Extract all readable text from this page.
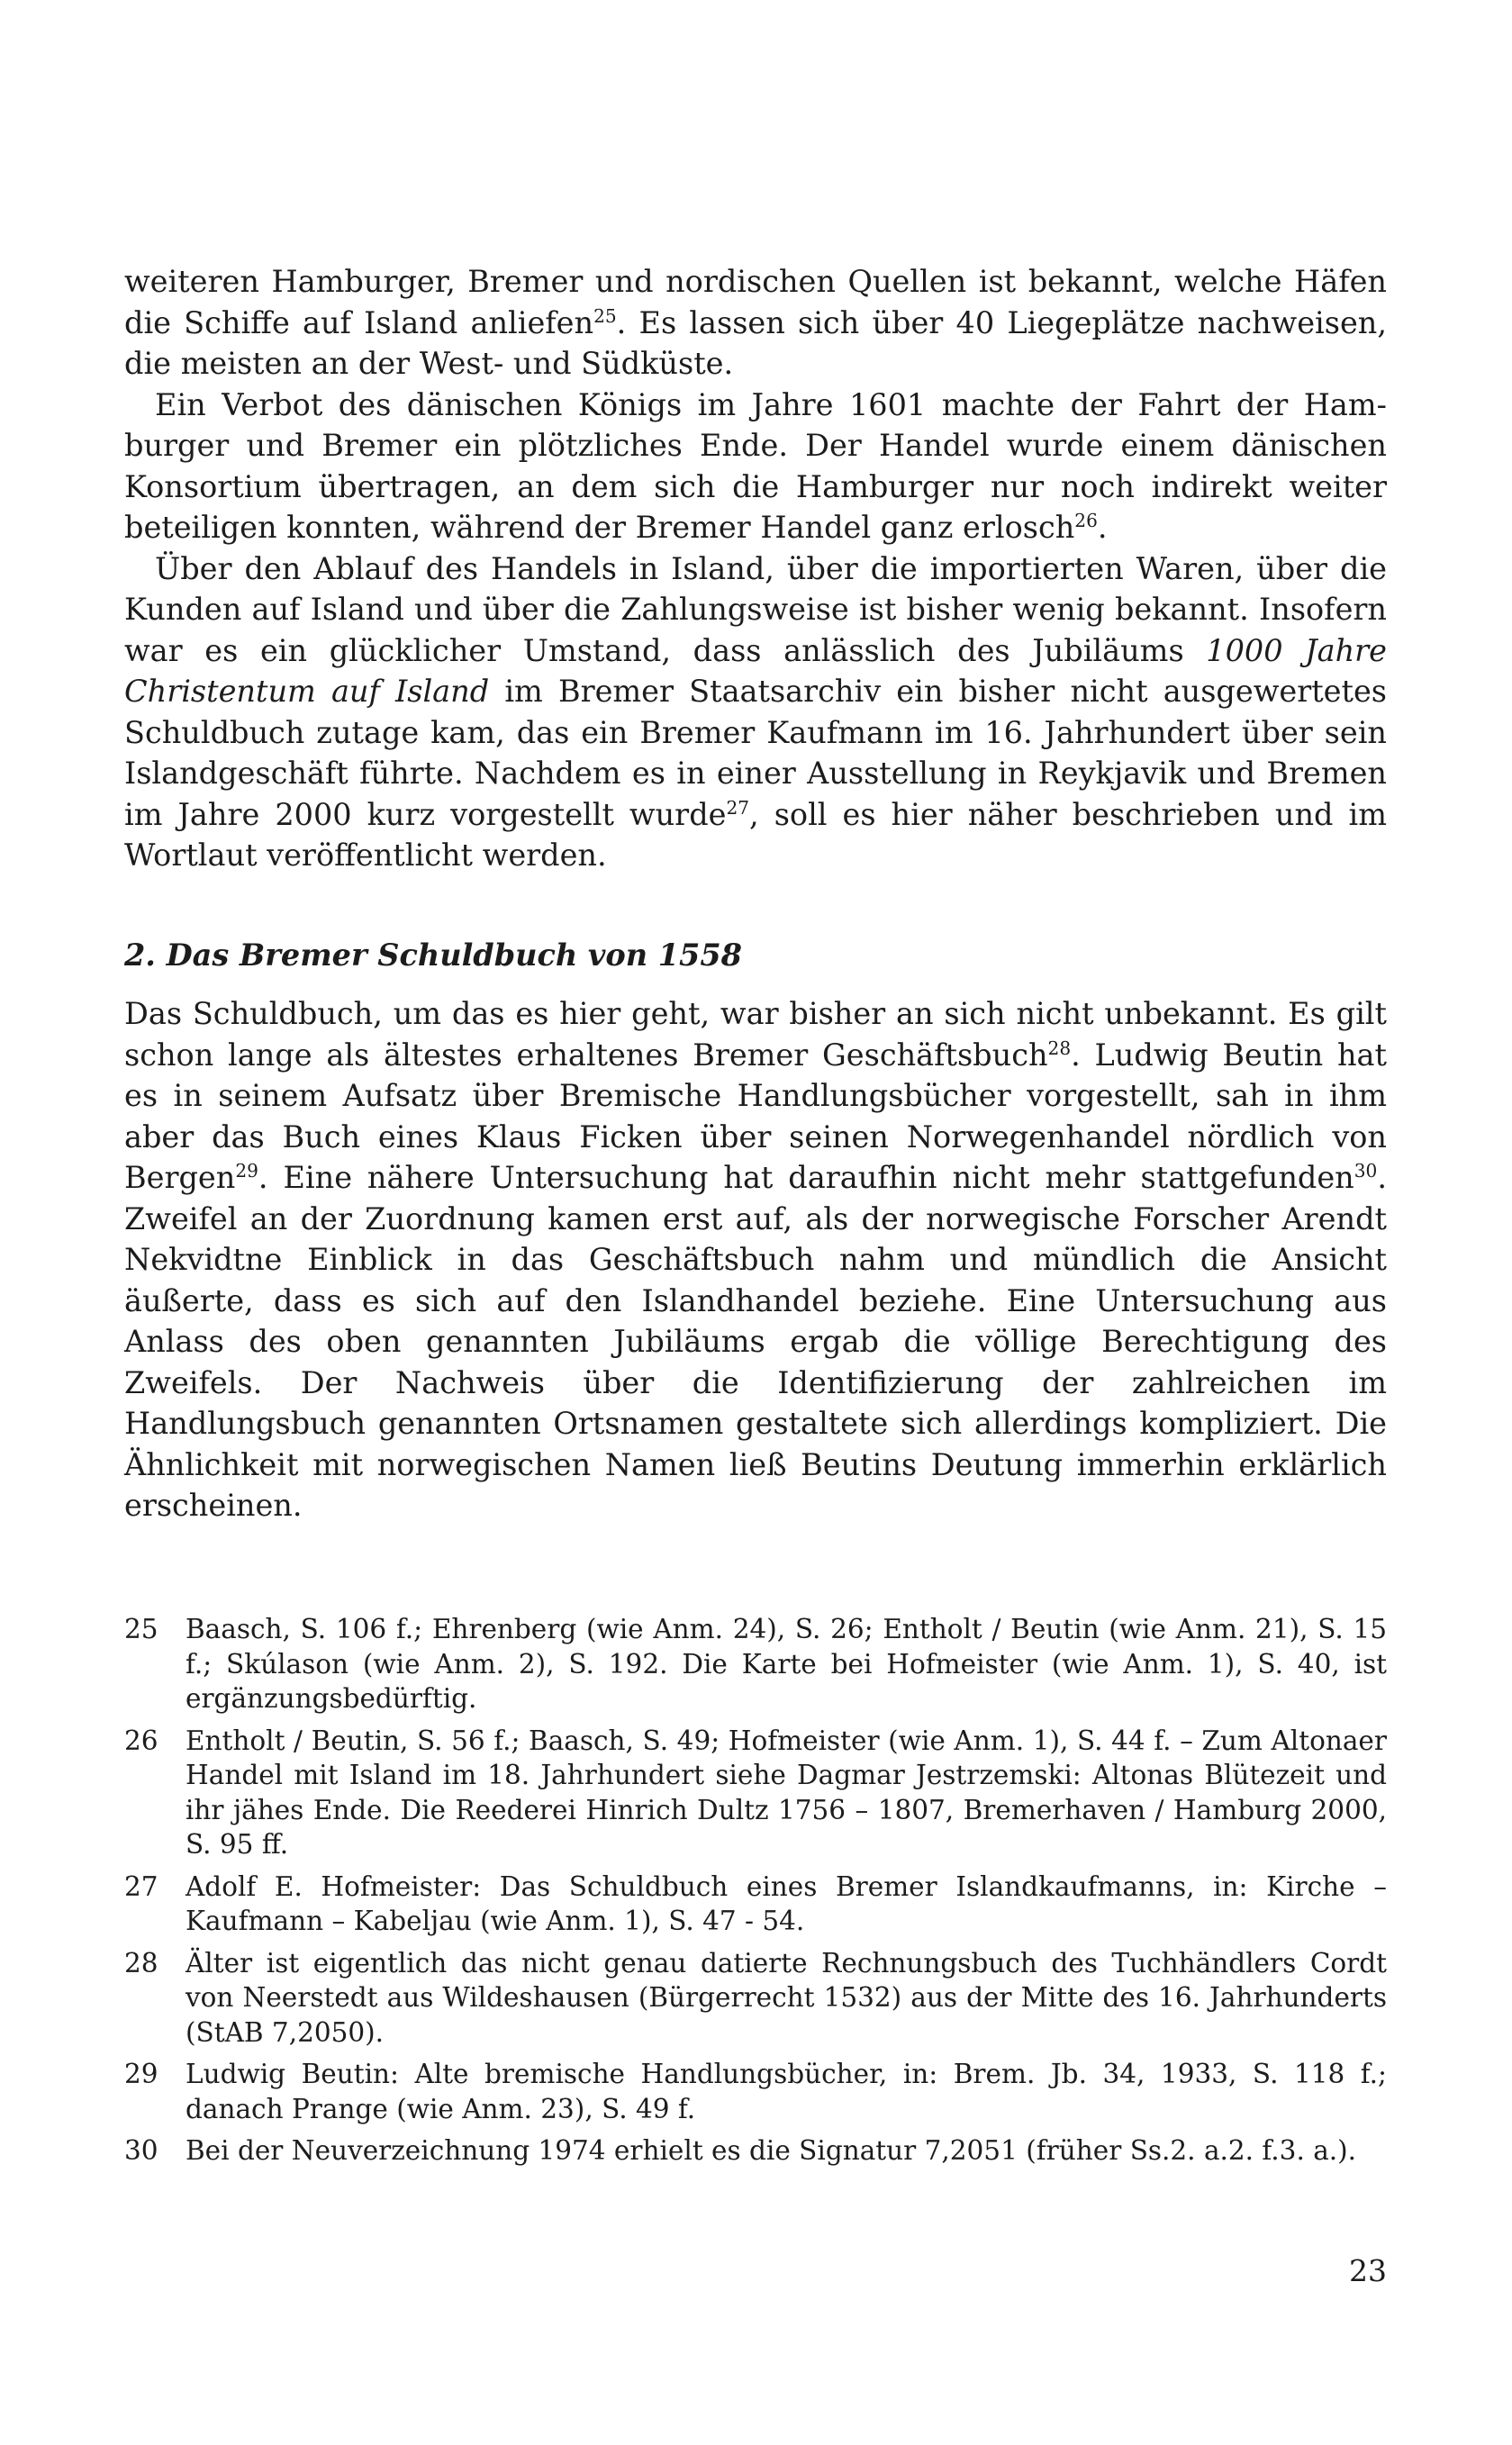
weiteren Hamburger, Bremer und nordischen Quellen ist bekannt, welche Häfen die Schiffe auf Island anliefen$^{25}$. Es lassen sich über 40 Liegeplätze nachweisen, die meisten an der West- und Südküste.

Ein Verbot des dänischen Königs im Jahre 1601 machte der Fahrt der Hamburger und Bremer ein plötzliches Ende. Der Handel wurde einem dänischen Konsortium übertragen, an dem sich die Hamburger nur noch indirekt weiter beteiligen konnten, während der Bremer Handel ganz erlosch$^{26}$.

Über den Ablauf des Handels in Island, über die importierten Waren, über die Kunden auf Island und über die Zahlungsweise ist bisher wenig bekannt. Insofern war es ein glücklicher Umstand, dass anlässlich des Jubiläums 1000 Jahre Christentum auf Island im Bremer Staatsarchiv ein bisher nicht ausgewertetes Schuldbuch zutage kam, das ein Bremer Kaufmann im 16. Jahrhundert über sein Islandgeschäft führte. Nachdem es in einer Ausstellung in Reykjavik und Bremen im Jahre 2000 kurz vorgestellt wurde$^{27}$, soll es hier näher beschrieben und im Wortlaut veröffentlicht werden.

2. Das Bremer Schuldbuch von 1558

Das Schuldbuch, um das es hier geht, war bisher an sich nicht unbekannt. Es gilt schon lange als ältestes erhaltenes Bremer Geschäftsbuch$^{28}$. Ludwig Beutin hat es in seinem Aufsatz über Bremische Handlungsbücher vorgestellt, sah in ihm aber das Buch eines Klaus Ficken über seinen Norwegenhandel nördlich von Bergen$^{29}$. Eine nähere Untersuchung hat daraufhin nicht mehr stattgefunden$^{30}$. Zweifel an der Zuordnung kamen erst auf, als der norwegische Forscher Arendt Nekvidtne Einblick in das Geschäftsbuch nahm und mündlich die Ansicht äußerte, dass es sich auf den Islandhandel beziehe. Eine Untersuchung aus Anlass des oben genannten Jubiläums ergab die völlige Berechtigung des Zweifels. Der Nachweis über die Identifizierung der zahlreichen im Handlungsbuch genannten Ortsnamen gestaltete sich allerdings kompliziert. Die Ähnlichkeit mit norwegischen Namen ließ Beutins Deutung immerhin erklärlich erscheinen.

25	Baasch, S. 106 f.; Ehrenberg (wie Anm. 24), S. 26; Entholt / Beutin (wie Anm. 21), S. 15 f.; Skúlason (wie Anm. 2), S. 192. Die Karte bei Hofmeister (wie Anm. 1), S. 40, ist ergänzungsbedürftig.
26	Entholt / Beutin, S. 56 f.; Baasch, S. 49; Hofmeister (wie Anm. 1), S. 44 f. – Zum Altonaer Handel mit Island im 18. Jahrhundert siehe Dagmar Jestrzemski: Altonas Blütezeit und ihr jähes Ende. Die Reederei Hinrich Dultz 1756 – 1807, Bremerhaven / Hamburg 2000, S. 95 ff.
27	Adolf E. Hofmeister: Das Schuldbuch eines Bremer Islandkaufmanns, in: Kirche – Kaufmann – Kabeljau (wie Anm. 1), S. 47 - 54.
28	Älter ist eigentlich das nicht genau datierte Rechnungsbuch des Tuchhändlers Cordt von Neerstedt aus Wildeshausen (Bürgerrecht 1532) aus der Mitte des 16. Jahrhunderts (StAB 7,2050).
29	Ludwig Beutin: Alte bremische Handlungsbücher, in: Brem. Jb. 34, 1933, S. 118 f.; danach Prange (wie Anm. 23), S. 49 f.
30	Bei der Neuverzeichnung 1974 erhielt es die Signatur 7,2051 (früher Ss.2. a.2. f.3. a.).
23
